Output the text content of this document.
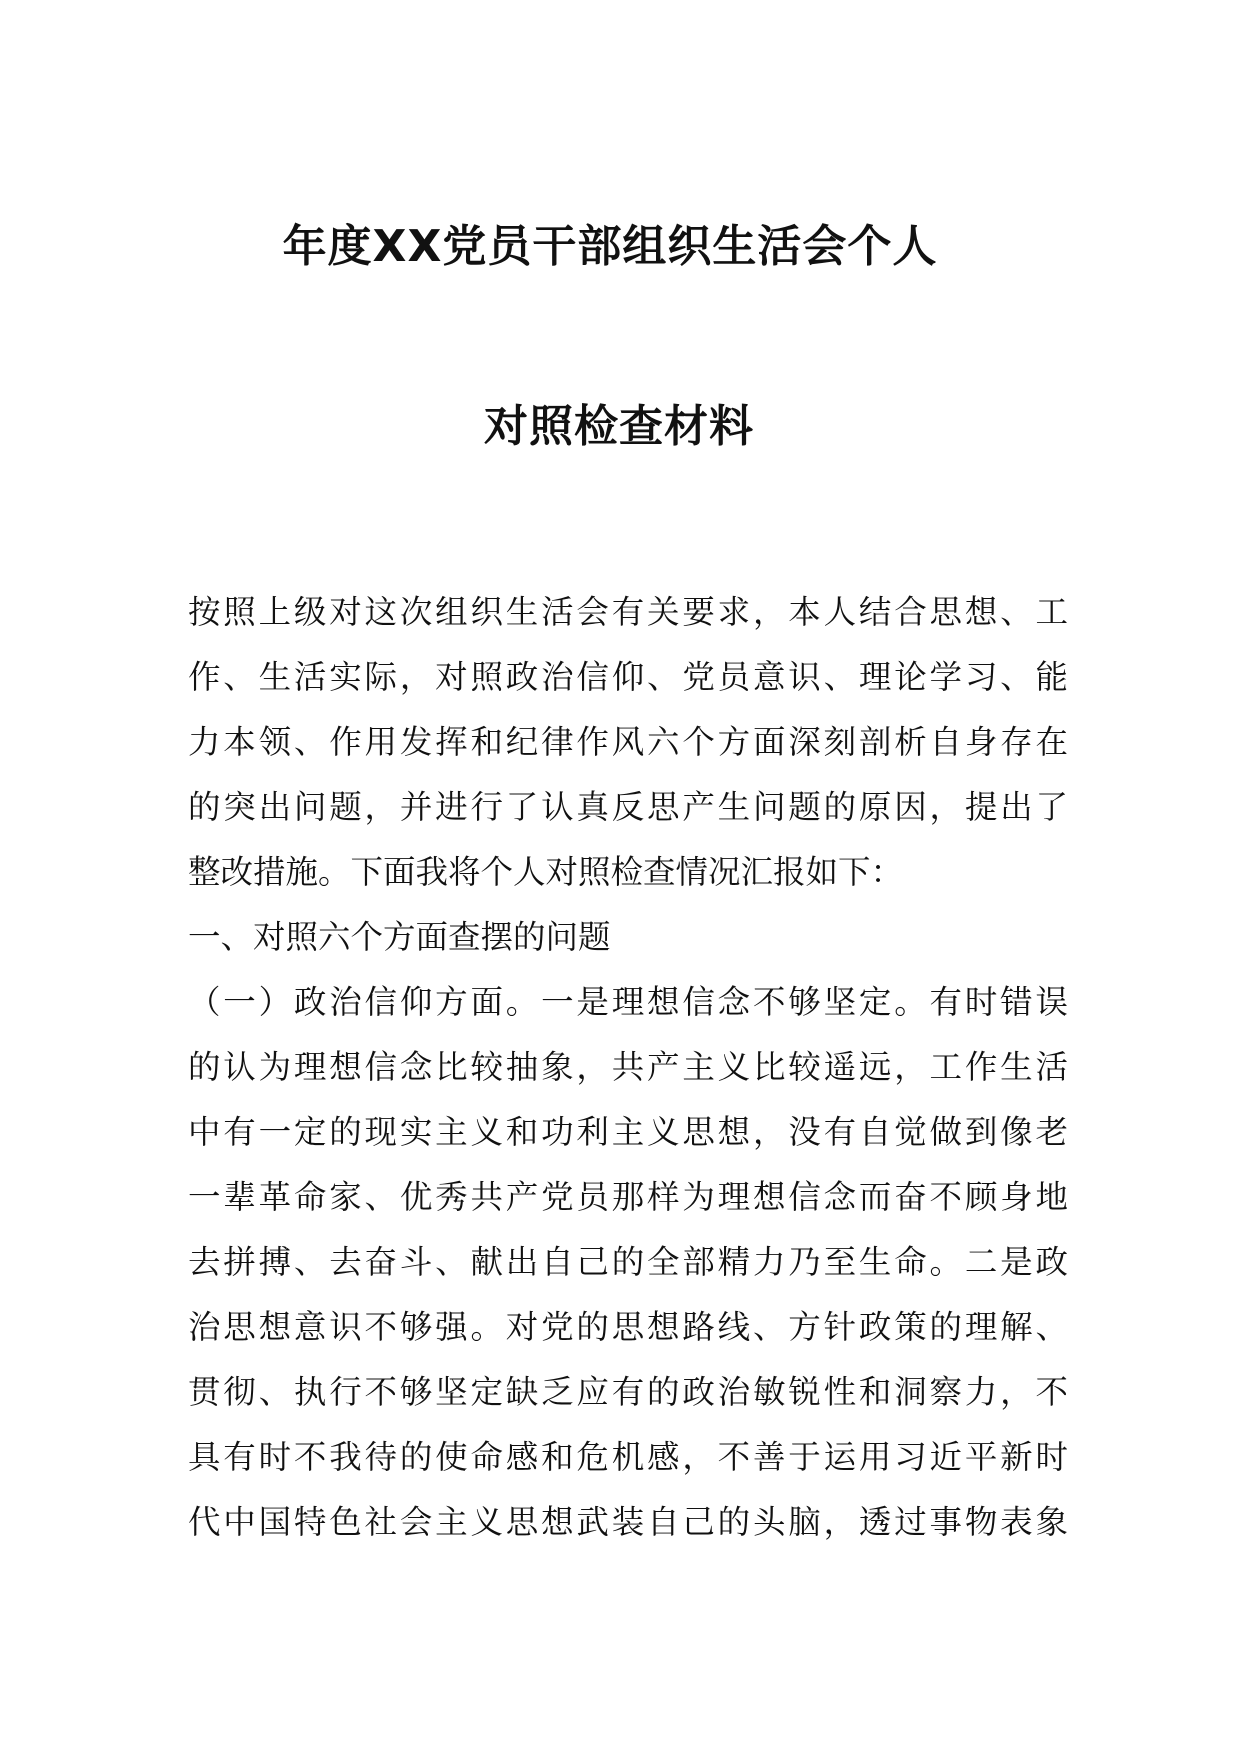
年度XX党员干部组织生活会个人
对照检查材料
按照上级对这次组织生活会有关要求，本人结合思想、工
作、生活实际，对照政治信仰、党员意识、理论学习、能
力本领、作用发挥和纪律作风六个方面深刻剖析自身存在
的突出问题，并进行了认真反思产生问题的原因，提出了
整改措施。下面我将个人对照检查情况汇报如下：
一、对照六个方面查摆的问题
（一）政治信仰方面。一是理想信念不够坚定。有时错误
的认为理想信念比较抽象，共产主义比较遥远，工作生活
中有一定的现实主义和功利主义思想，没有自觉做到像老
一辈革命家、优秀共产党员那样为理想信念而奋不顾身地
去拼搏、去奋斗、献出自己的全部精力乃至生命。二是政
治思想意识不够强。对党的思想路线、方针政策的理解、
贯彻、执行不够坚定缺乏应有的政治敏锐性和洞察力，不
具有时不我待的使命感和危机感，不善于运用习近平新时
代中国特色社会主义思想武装自己的头脑，透过事物表象
